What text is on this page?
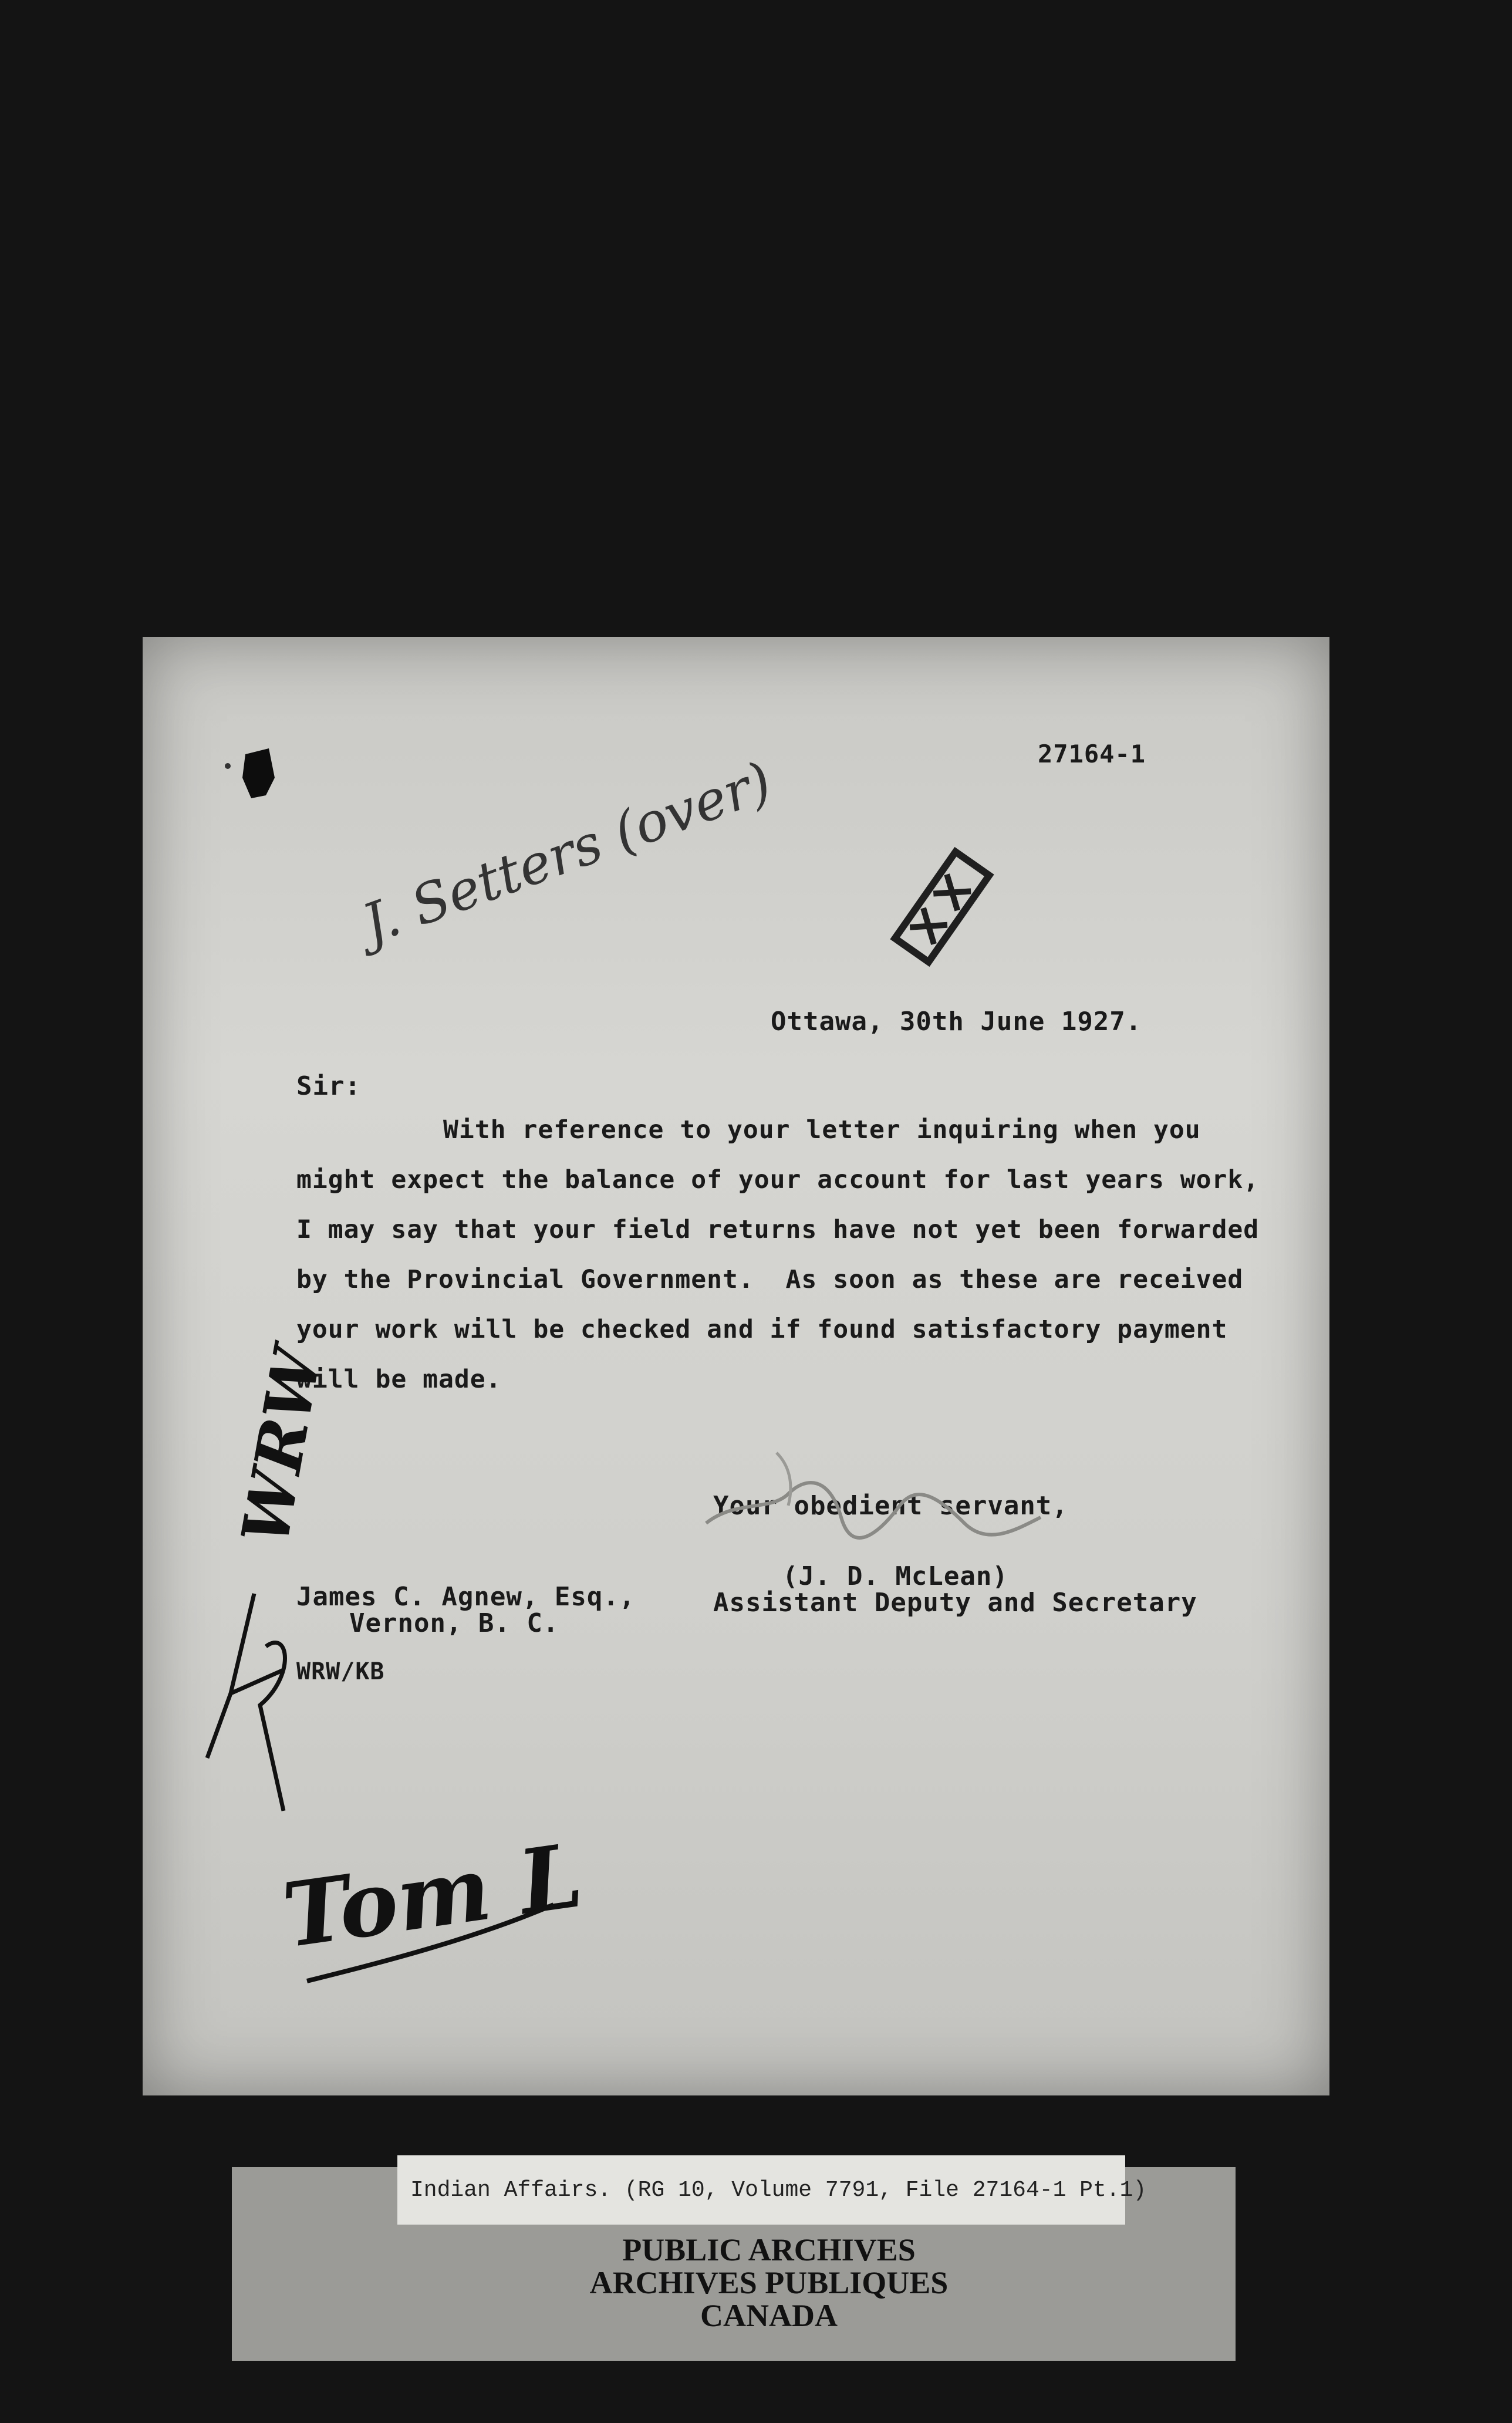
27164-1
J. Setters (over)
Ottawa, 30th June 1927.
Sir:
With reference to your letter inquiring when you
might expect the balance of your account for last years work,
I may say that your field returns have not yet been forwarded
by the Provincial Government.  As soon as these are received
your work will be checked and if found satisfactory payment
will be made.
Your obedient servant,
(J. D. McLean)
Assistant Deputy and Secretary
WRW
James C. Agnew, Esq.,
Vernon, B. C.
WRW/KB
Tom L
Indian Affairs. (RG 10, Volume 7791, File 27164-1 Pt.1)
PUBLIC ARCHIVES
ARCHIVES PUBLIQUES
CANADA
